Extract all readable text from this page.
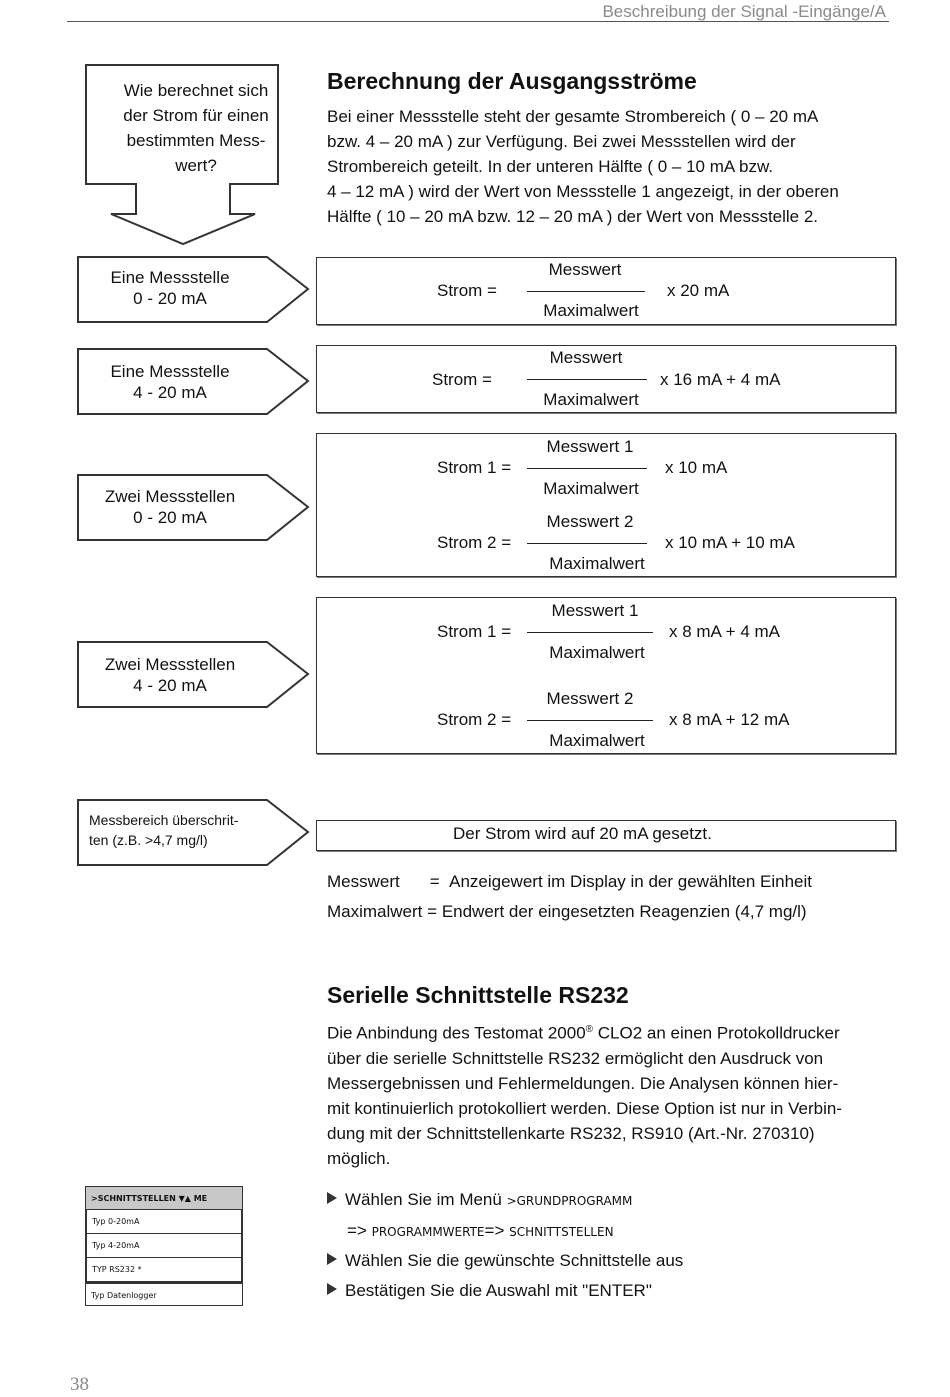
Beschreibung der Signal -Eingänge/A
Wie berechnet sich
der Strom für einen
bestimmten Mess-
wert?
Berechnung der Ausgangsströme
Bei einer Messstelle steht der gesamte Strombereich ( 0 – 20 mA
bzw. 4 – 20 mA ) zur Verfügung. Bei zwei Messstellen wird der
Strombereich geteilt. In der unteren Hälfte ( 0 – 10 mA bzw.
4 – 12 mA ) wird der Wert von Messstelle 1 angezeigt, in der oberen
Hälfte ( 10 – 20 mA bzw. 12 – 20 mA ) der Wert von Messstelle 2.
Eine Messstelle
0 - 20 mA	Strom =
Messwert
Maximalwert
x 20 mA
Eine Messstelle
4 - 20 mA
Strom =
Messwert
Maximalwert
x 16 mA + 4 mA
Zwei Messstellen
0 - 20 mA
Strom 1 =
Messwert 1
Maximalwert
x 10 mA
Strom 2 =
Messwert 2
Maximalwert
x 10 mA + 10 mA
Zwei Messstellen
4 - 20 mA
Strom 1 =
Messwert 1
Maximalwert
x 8 mA + 4 mA
Strom 2 =
Messwert 2
Maximalwert
x 8 mA + 12 mA
Messbereich überschrit-
ten (z.B. >4,7 mg/l)	Der Strom wird auf 20 mA gesetzt.
Messwert = Anzeigewert im Display in der gewählten Einheit
Maximalwert = Endwert der eingesetzten Reagenzien (4,7 mg/l)
Serielle Schnittstelle RS232
Die Anbindung des Testomat 2000® CLO2 an einen Protokolldrucker
über die serielle Schnittstelle RS232 ermöglicht den Ausdruck von
Messergebnissen und Fehlermeldungen. Die Analysen können hier-
mit kontinuierlich protokolliert werden. Diese Option ist nur in Verbin-
dung mit der Schnittstellenkarte RS232, RS910 (Art.-Nr. 270310)
möglich.
>SCHNITTSTELLEN ▼▲ ME
Typ 0-20mA
Typ 4-20mA
TYP RS232 *
Typ Datenlogger
Wählen Sie im Menü >GRUNDPROGRAMM
=> PROGRAMMWERTE=> SCHNITTSTELLEN
Wählen Sie die gewünschte Schnittstelle aus
Bestätigen Sie die Auswahl mit "ENTER"
38
